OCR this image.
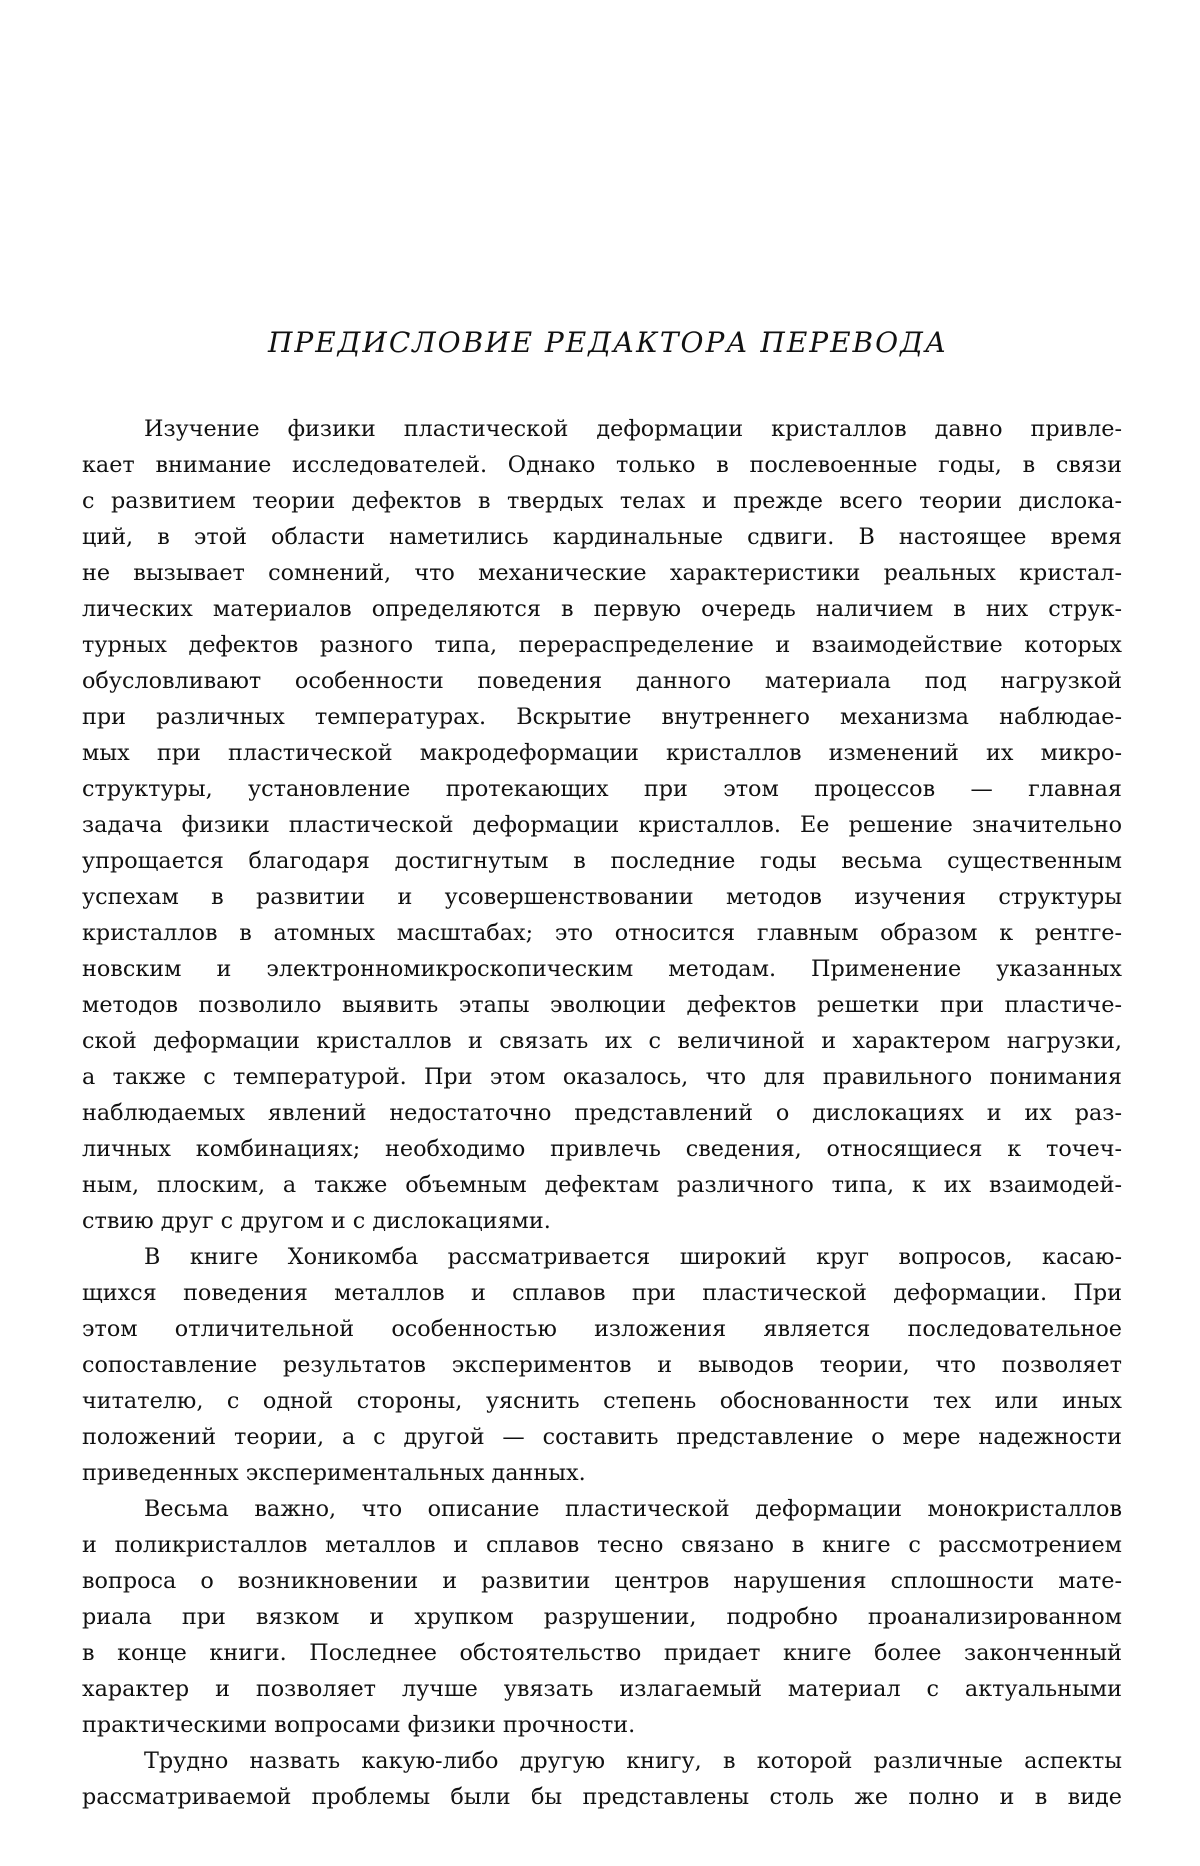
ПРЕДИСЛОВИЕ РЕДАКТОРА ПЕРЕВОДА
Изучение физики пластической деформации кристаллов давно привле-
кает внимание исследователей. Однако только в послевоенные годы, в связи
с развитием теории дефектов в твердых телах и прежде всего теории дислока-
ций, в этой области наметились кардинальные сдвиги. В настоящее время
не вызывает сомнений, что механические характеристики реальных кристал-
лических материалов определяются в первую очередь наличием в них струк-
турных дефектов разного типа, перераспределение и взаимодействие которых
обусловливают особенности поведения данного материала под нагрузкой
при различных температурах. Вскрытие внутреннего механизма наблюдае-
мых при пластической макродеформации кристаллов изменений их микро-
структуры, установление протекающих при этом процессов — главная
задача физики пластической деформации кристаллов. Ее решение значительно
упрощается благодаря достигнутым в последние годы весьма существенным
успехам в развитии и усовершенствовании методов изучения структуры
кристаллов в атомных масштабах; это относится главным образом к рентге-
новским и электронномикроскопическим методам. Применение указанных
методов позволило выявить этапы эволюции дефектов решетки при пластиче-
ской деформации кристаллов и связать их с величиной и характером нагрузки,
а также с температурой. При этом оказалось, что для правильного понимания
наблюдаемых явлений недостаточно представлений о дислокациях и их раз-
личных комбинациях; необходимо привлечь сведения, относящиеся к точеч-
ным, плоским, а также объемным дефектам различного типа, к их взаимодей-
ствию друг с другом и с дислокациями.
В книге Хоникомба рассматривается широкий круг вопросов, касаю-
щихся поведения металлов и сплавов при пластической деформации. При
этом отличительной особенностью изложения является последовательное
сопоставление результатов экспериментов и выводов теории, что позволяет
читателю, с одной стороны, уяснить степень обоснованности тех или иных
положений теории, а с другой — составить представление о мере надежности
приведенных экспериментальных данных.
Весьма важно, что описание пластической деформации монокристаллов
и поликристаллов металлов и сплавов тесно связано в книге с рассмотрением
вопроса о возникновении и развитии центров нарушения сплошности мате-
риала при вязком и хрупком разрушении, подробно проанализированном
в конце книги. Последнее обстоятельство придает книге более законченный
характер и позволяет лучше увязать излагаемый материал с актуальными
практическими вопросами физики прочности.
Трудно назвать какую-либо другую книгу, в которой различные аспекты
рассматриваемой проблемы были бы представлены столь же полно и в виде
